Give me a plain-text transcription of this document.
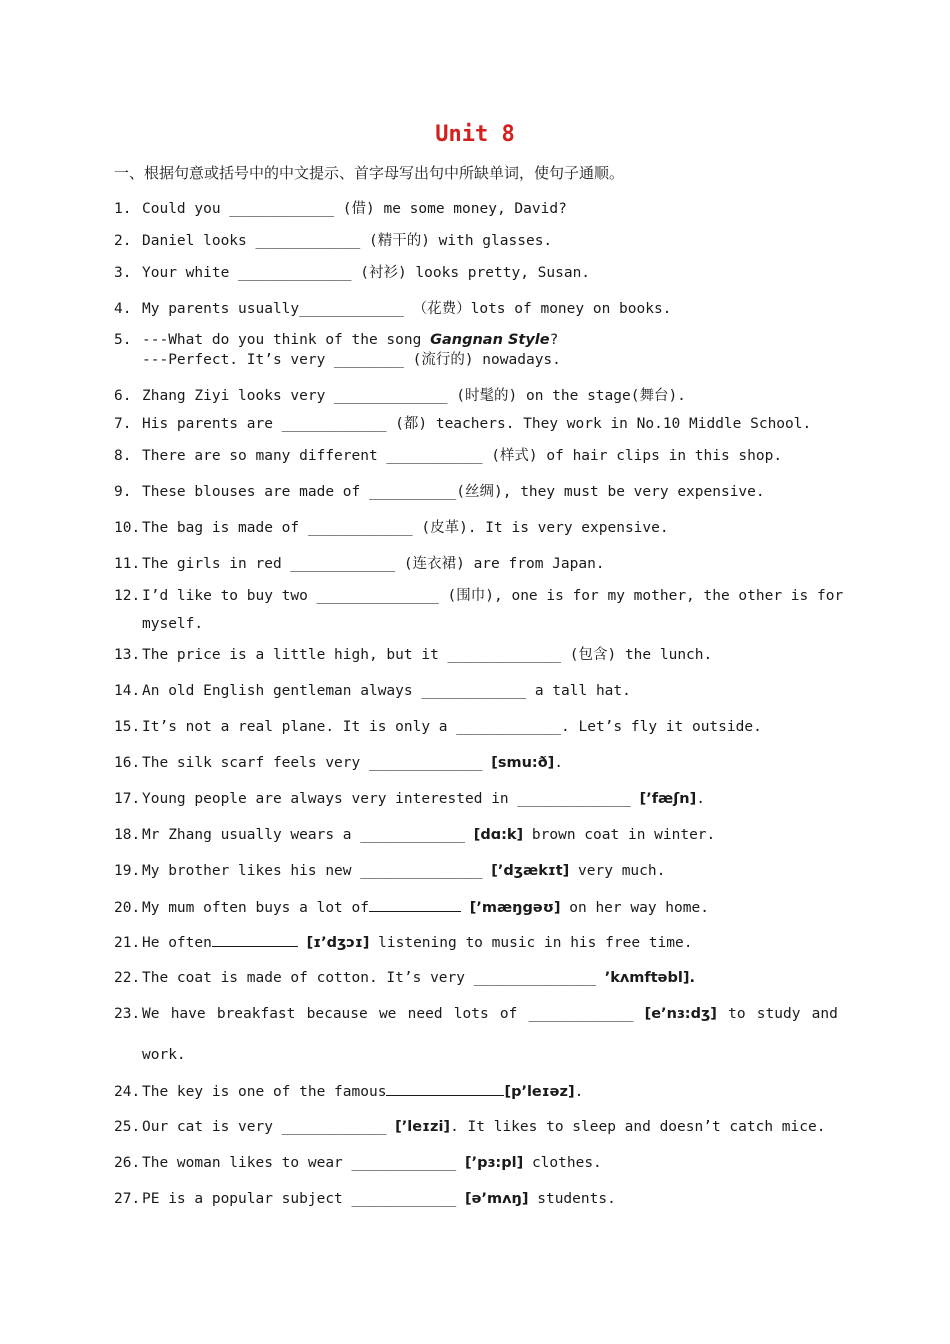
Unit 8
一、根据句意或括号中的中文提示、首字母写出句中所缺单词，使句子通顺。
1. Could you ____________ (借) me some money, David?
2. Daniel looks ____________ (精干的) with glasses.
3. Your white _____________ (衬衫) looks pretty, Susan.
4. My parents usually____________ （花费）lots of money on books.
5. ---What do you think of the song Gangnan Style?
---Perfect. It’s very ________ (流行的) nowadays.
6. Zhang Ziyi looks very _____________ (时髦的) on the stage(舞台).
7. His parents are ____________ (都) teachers. They work in No.10 Middle School.
8. There are so many different ___________ (样式) of hair clips in this shop.
9. These blouses are made of __________(丝绸), they must be very expensive.
10. The bag is made of ____________ (皮革). It is very expensive.
11. The girls in red ____________ (连衣裙) are from Japan.
12. I’d like to buy two ______________ (围巾), one is for my mother, the other is for
myself.
13. The price is a little high, but it _____________ (包含) the lunch.
14. An old English gentleman always ____________ a tall hat.
15. It’s not a real plane. It is only a ____________. Let’s fly it outside.
16. The silk scarf feels very _____________ [smu:ð].
17. Young people are always very interested in _____________ [’fæʃn].
18. Mr Zhang usually wears a ____________ [dɑ:k] brown coat in winter.
19. My brother likes his new ______________ [’dʒækɪt] very much.
20. My mum often buys a lot of	[’mæŋgəʊ] on her way home.
21. He often	[ɪ’dʒɔɪ] listening to music in his free time.
22. The coat is made of cotton. It’s very ______________ ’kʌmftəbl].
23. We have breakfast because we need lots of ____________ [e’nɜ:dʒ] to study and
work.
24. The key is one of the famous	[p’leɪəz].
25. Our cat is very ____________ [’leɪzi]. It likes to sleep and doesn’t catch mice.
26. The woman likes to wear ____________ [’pɜ:pl] clothes.
27. PE is a popular subject ____________ [ə’mʌŋ] students.
